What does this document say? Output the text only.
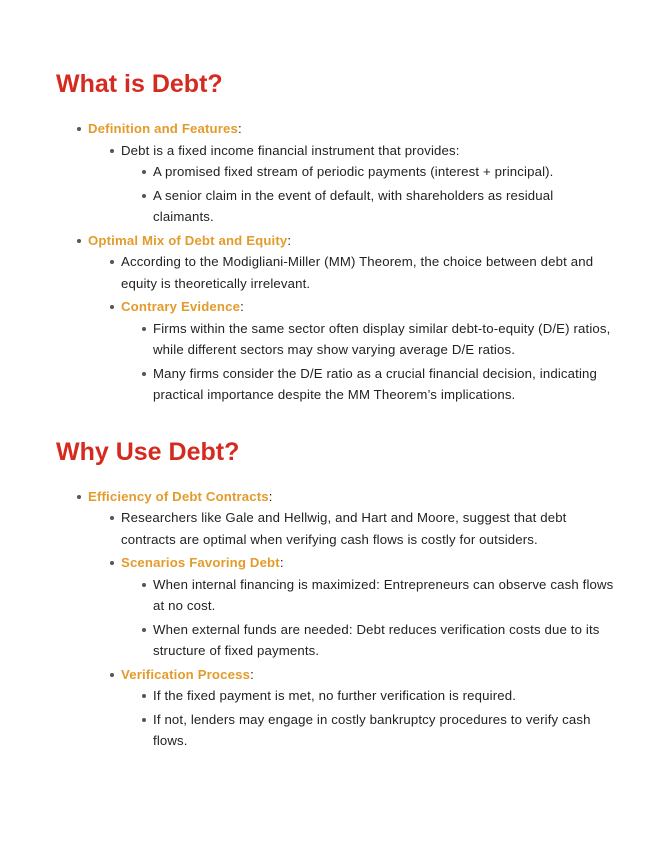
What is Debt?
Definition and Features:
Debt is a fixed income financial instrument that provides:
A promised fixed stream of periodic payments (interest + principal).
A senior claim in the event of default, with shareholders as residual claimants.
Optimal Mix of Debt and Equity:
According to the Modigliani-Miller (MM) Theorem, the choice between debt and equity is theoretically irrelevant.
Contrary Evidence:
Firms within the same sector often display similar debt-to-equity (D/E) ratios, while different sectors may show varying average D/E ratios.
Many firms consider the D/E ratio as a crucial financial decision, indicating practical importance despite the MM Theorem’s implications.
Why Use Debt?
Efficiency of Debt Contracts:
Researchers like Gale and Hellwig, and Hart and Moore, suggest that debt contracts are optimal when verifying cash flows is costly for outsiders.
Scenarios Favoring Debt:
When internal financing is maximized: Entrepreneurs can observe cash flows at no cost.
When external funds are needed: Debt reduces verification costs due to its structure of fixed payments.
Verification Process:
If the fixed payment is met, no further verification is required.
If not, lenders may engage in costly bankruptcy procedures to verify cash flows.
